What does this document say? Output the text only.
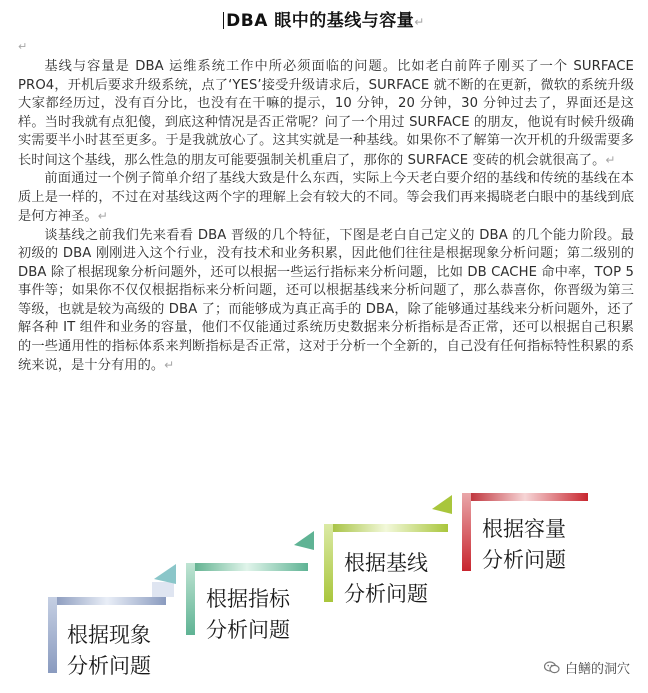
DBA 眼中的基线与容量↵
↵

基线与容量是 DBA 运维系统工作中所必须面临的问题。比如老白前阵子刚买了一个 SURFACE PRO4，开机后要求升级系统，点了‘YES’接受升级请求后，SURFACE 就不断的在更新，微软的系统升级大家都经历过，没有百分比，也没有在干嘛的提示，10 分钟，20 分钟，30 分钟过去了，界面还是这样。当时我就有点犯傻，到底这种情况是否正常呢？问了一个用过 SURFACE 的朋友，他说有时候升级确实需要半小时甚至更多。于是我就放心了。这其实就是一种基线。如果你不了解第一次开机的升级需要多长时间这个基线，那么性急的朋友可能要强制关机重启了，那你的 SURFACE 变砖的机会就很高了。↵

前面通过一个例子简单介绍了基线大致是什么东西，实际上今天老白要介绍的基线和传统的基线在本质上是一样的，不过在对基线这两个字的理解上会有较大的不同。等会我们再来揭晓老白眼中的基线到底是何方神圣。↵

谈基线之前我们先来看看 DBA 晋级的几个特征，下图是老白自己定义的 DBA 的几个能力阶段。最初级的 DBA 刚刚进入这个行业，没有技术和业务积累，因此他们往往是根据现象分析问题；第二级别的 DBA 除了根据现象分析问题外，还可以根据一些运行指标来分析问题，比如 DB CACHE 命中率，TOP 5 事件等；如果你不仅仅根据指标来分析问题，还可以根据基线来分析问题了，那么恭喜你，你晋级为第三等级，也就是较为高级的 DBA 了；而能够成为真正高手的 DBA，除了能够通过基线来分析问题外，还了解各种 IT 组件和业务的容量，他们不仅能通过系统历史数据来分析指标是否正常，还可以根据自己积累的一些通用性的指标体系来判断指标是否正常，这对于分析一个全新的，自己没有任何指标特性积累的系统来说，是十分有用的。↵

根据现象
分析问题
根据指标
分析问题
根据基线
分析问题
根据容量
分析问题
白鳝的洞穴
